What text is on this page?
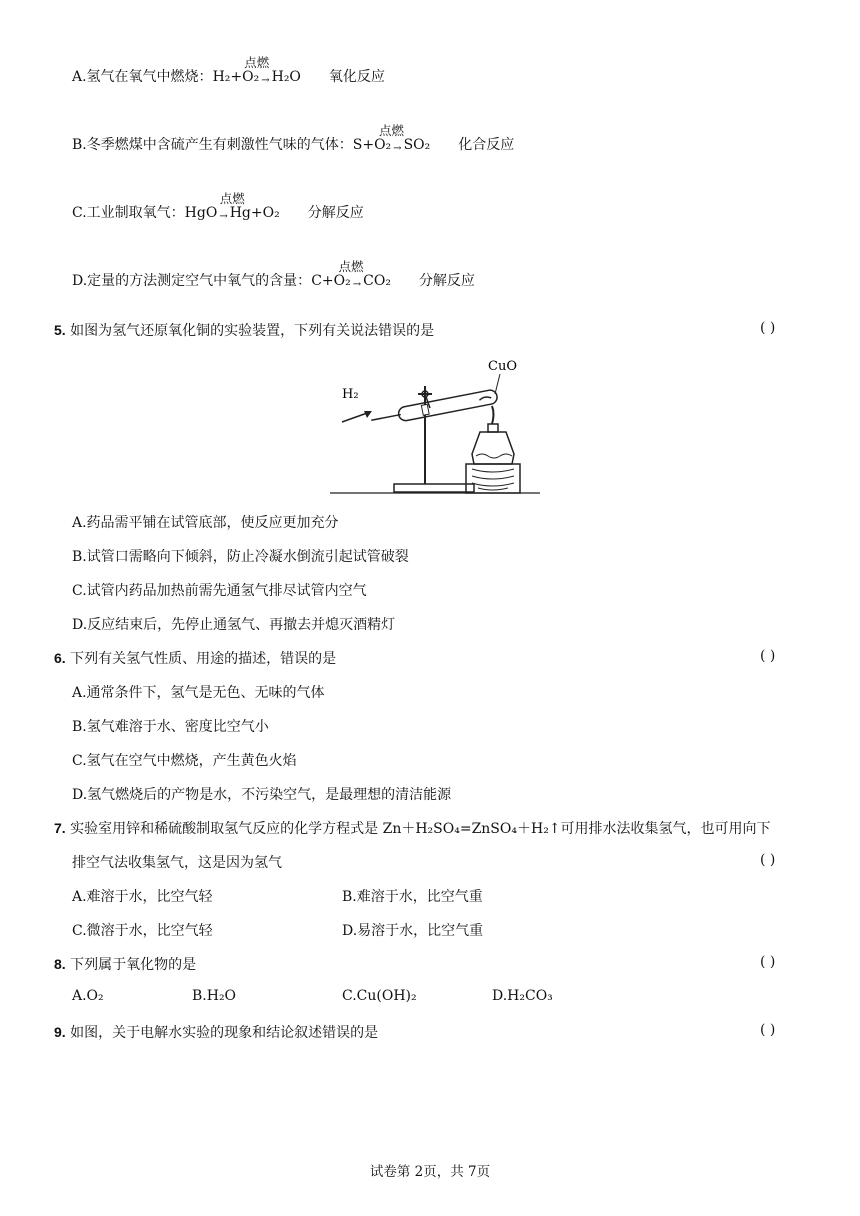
A.氢气在氧气中燃烧：
点燃
H₂+O₂ → H₂O 氧化反应
B.冬季燃煤中含硫产生有刺激性气味的气体：
点燃
S+O₂ → SO₂ 化合反应
C.工业制取氧气：
点燃
HgO → Hg+O₂ 分解反应
D.定量的方法测定空气中氧气的含量：
点燃
C+O₂ → CO₂ 分解反应
5. 如图为氢气还原氧化铜的实验装置，下列有关说法错误的是	( )
H₂
CuO
A.药品需平铺在试管底部，使反应更加充分
B.试管口需略向下倾斜，防止冷凝水倒流引起试管破裂
C.试管内药品加热前需先通氢气排尽试管内空气
D.反应结束后，先停止通氢气、再撤去并熄灭酒精灯
6. 下列有关氢气性质、用途的描述，错误的是	( )
A.通常条件下，氢气是无色、无味的气体
B.氢气难溶于水、密度比空气小
C.氢气在空气中燃烧，产生黄色火焰
D.氢气燃烧后的产物是水，不污染空气，是最理想的清洁能源
7. 实验室用锌和稀硫酸制取氢气反应的化学方程式是 Zn＋H₂SO₄=ZnSO₄＋H₂↑可用排水法收集氢气，也可用向下
排空气法收集氢气，这是因为氢气	( )
A.难溶于水，比空气轻	B.难溶于水，比空气重
C.微溶于水，比空气轻	D.易溶于水，比空气重
8. 下列属于氧化物的是	( )
A.O₂	B.H₂O	C.Cu(OH)₂	D.H₂CO₃
9. 如图，关于电解水实验的现象和结论叙述错误的是	( )
试卷第 2页，共 7页
